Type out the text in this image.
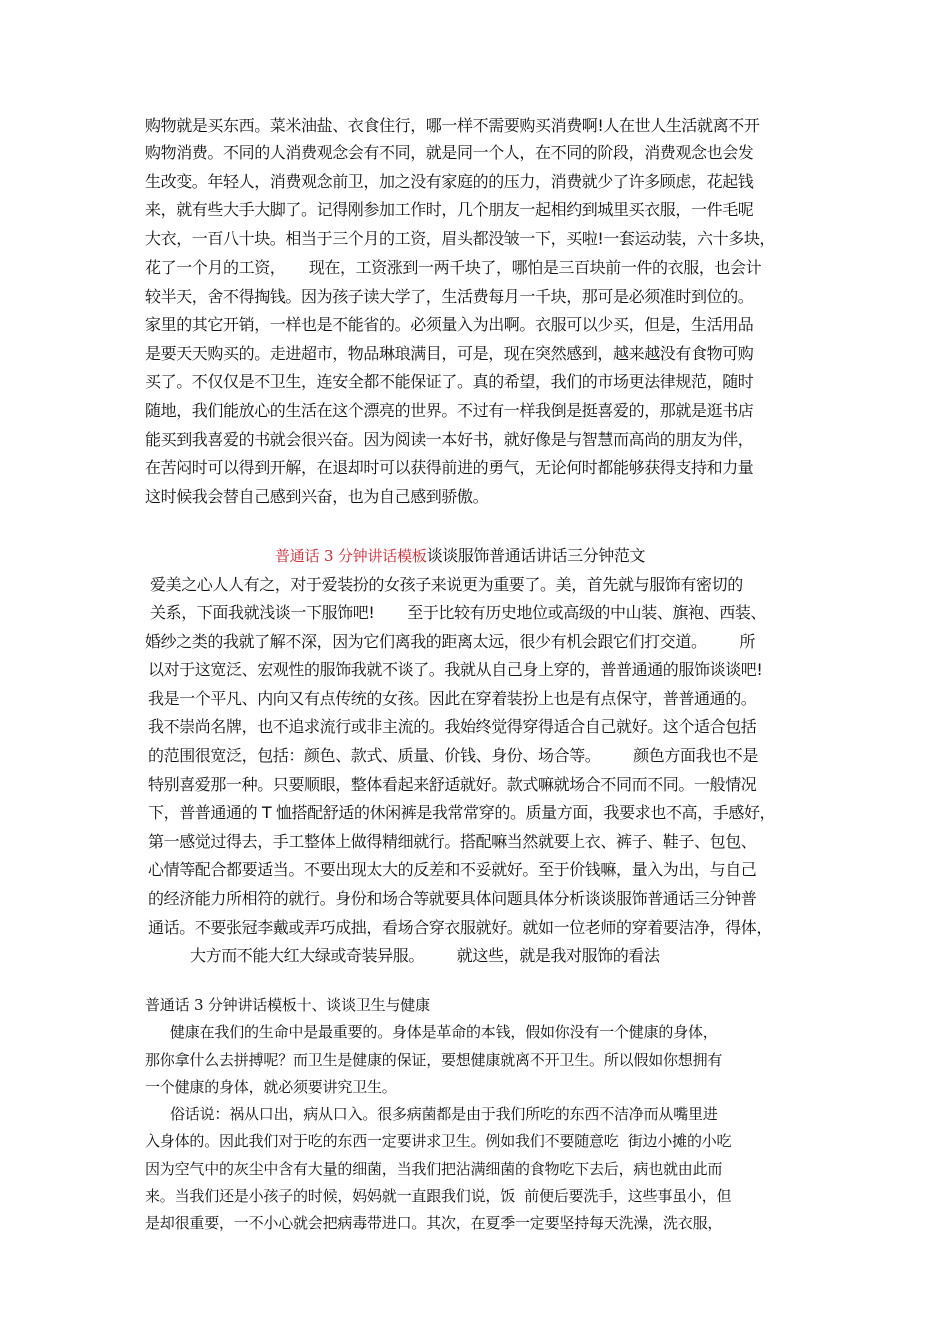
购物就是买东西。菜米油盐、衣食住行，哪一样不需要购买消费啊!人在世人生活就离不开
购物消费。不同的人消费观念会有不同，就是同一个人，在不同的阶段，消费观念也会发
生改变。年轻人，消费观念前卫，加之没有家庭的的压力，消费就少了许多顾虑，花起钱
来，就有些大手大脚了。记得刚参加工作时，几个朋友一起相约到城里买衣服，一件毛呢
大衣，一百八十块。相当于三个月的工资，眉头都没皱一下，买啦!一套运动装，六十多块，
花了一个月的工资，     现在，工资涨到一两千块了，哪怕是三百块前一件的衣服，也会计
较半天，舍不得掏钱。因为孩子读大学了，生活费每月一千块，那可是必须准时到位的。
家里的其它开销，一样也是不能省的。必须量入为出啊。衣服可以少买，但是，生活用品
是要天天购买的。走进超市，物品琳琅满目，可是，现在突然感到，越来越没有食物可购
买了。不仅仅是不卫生，连安全都不能保证了。真的希望，我们的市场更法律规范，随时
随地，我们能放心的生活在这个漂亮的世界。不过有一样我倒是挺喜爱的，那就是逛书店
能买到我喜爱的书就会很兴奋。因为阅读一本好书，就好像是与智慧而高尚的朋友为伴，
在苦闷时可以得到开解，在退却时可以获得前进的勇气，无论何时都能够获得支持和力量
这时候我会替自己感到兴奋，也为自己感到骄傲。
普通话 3 分钟讲话模板谈谈服饰普通话讲话三分钟范文
爱美之心人人有之，对于爱装扮的女孩子来说更为重要了。美，首先就与服饰有密切的
关系，下面我就浅谈一下服饰吧!       至于比较有历史地位或高级的中山装、旗袍、西装、
婚纱之类的我就了解不深，因为它们离我的距离太远，很少有机会跟它们打交道。       所
以对于这宽泛、宏观性的服饰我就不谈了。我就从自己身上穿的，普普通通的服饰谈谈吧!
我是一个平凡、内向又有点传统的女孩。因此在穿着装扮上也是有点保守，普普通通的。
我不崇尚名牌，也不追求流行或非主流的。我始终觉得穿得适合自己就好。这个适合包括
的范围很宽泛，包括：颜色、款式、质量、价钱、身份、场合等。       颜色方面我也不是
特别喜爱那一种。只要顺眼，整体看起来舒适就好。款式嘛就场合不同而不同。一般情况
下，普普通通的 T 恤搭配舒适的休闲裤是我常常穿的。质量方面，我要求也不高，手感好，
第一感觉过得去，手工整体上做得精细就行。搭配嘛当然就要上衣、裤子、鞋子、包包、
心情等配合都要适当。不要出现太大的反差和不妥就好。至于价钱嘛，量入为出，与自己
的经济能力所相符的就行。身份和场合等就要具体问题具体分析谈谈服饰普通话三分钟普
通话。不要张冠李戴或弄巧成拙，看场合穿衣服就好。就如一位老师的穿着要洁净，得体，
大方而不能大红大绿或奇装异服。       就这些，就是我对服饰的看法
普通话 3 分钟讲话模板十、谈谈卫生与健康
健康在我们的生命中是最重要的。身体是革命的本钱，假如你没有一个健康的身体，
那你拿什么去拼搏呢？而卫生是健康的保证，要想健康就离不开卫生。所以假如你想拥有
一个健康的身体，就必须要讲究卫生。
俗话说：祸从口出，病从口入。很多病菌都是由于我们所吃的东西不洁净而从嘴里进
入身体的。因此我们对于吃的东西一定要讲求卫生。例如我们不要随意吃  街边小摊的小吃
因为空气中的灰尘中含有大量的细菌，当我们把沾满细菌的食物吃下去后，病也就由此而
来。当我们还是小孩子的时候，妈妈就一直跟我们说，饭  前便后要洗手，这些事虽小，但
是却很重要，一不小心就会把病毒带进口。其次，在夏季一定要坚持每天洗澡，洗衣服，
